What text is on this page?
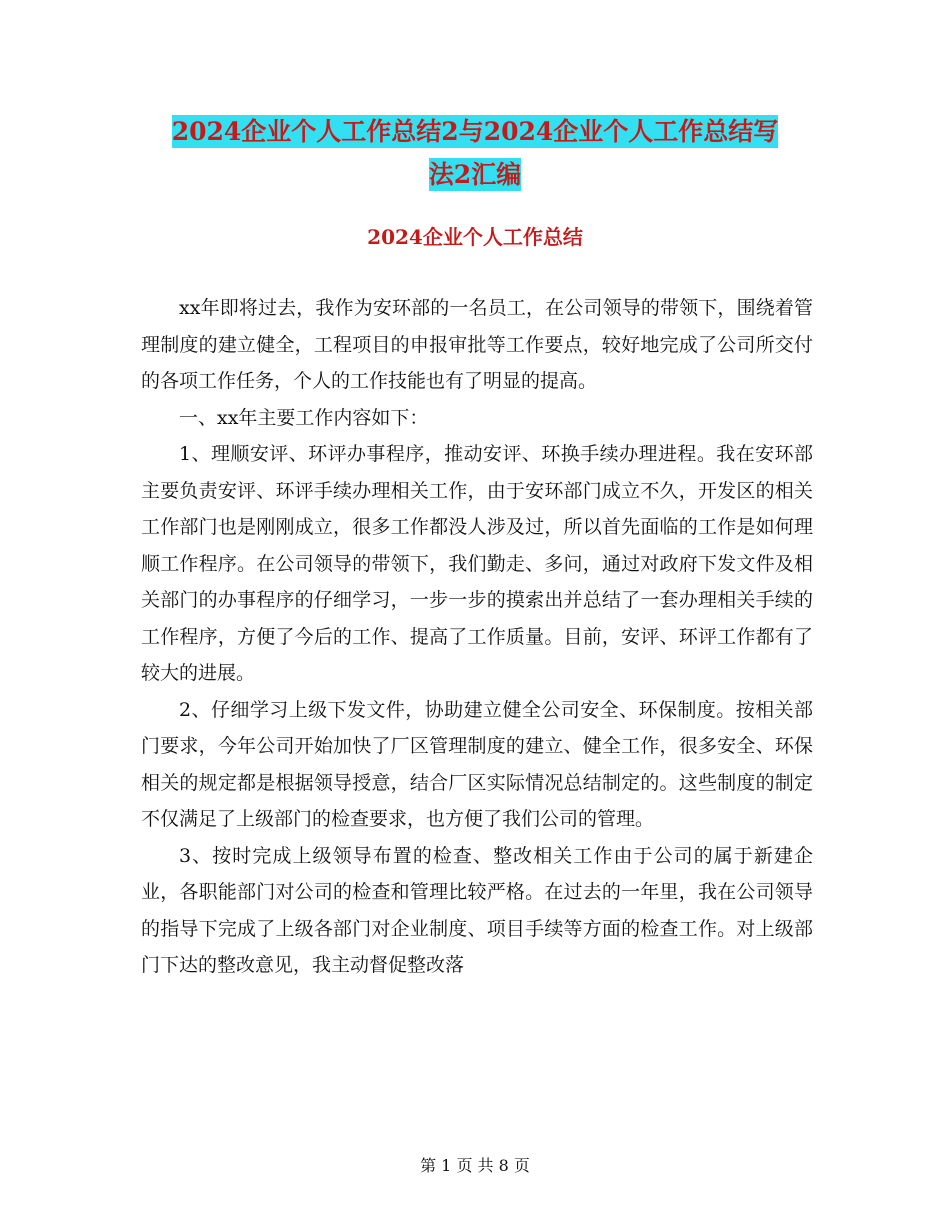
2024企业个人工作总结2与2024企业个人工作总结写
法2汇编
2024企业个人工作总结

xx年即将过去，我作为安环部的一名员工，在公司领导的带领下，围绕着管理制度的建立健全，工程项目的申报审批等工作要点，较好地完成了公司所交付的各项工作任务，个人的工作技能也有了明显的提高。

一、xx年主要工作内容如下：

1、理顺安评、环评办事程序，推动安评、环换手续办理进程。我在安环部主要负责安评、环评手续办理相关工作，由于安环部门成立不久，开发区的相关工作部门也是刚刚成立，很多工作都没人涉及过，所以首先面临的工作是如何理顺工作程序。在公司领导的带领下，我们勤走、多问，通过对政府下发文件及相关部门的办事程序的仔细学习，一步一步的摸索出并总结了一套办理相关手续的工作程序，方便了今后的工作、提高了工作质量。目前，安评、环评工作都有了较大的进展。

2、仔细学习上级下发文件，协助建立健全公司安全、环保制度。按相关部门要求，今年公司开始加快了厂区管理制度的建立、健全工作，很多安全、环保相关的规定都是根据领导授意，结合厂区实际情况总结制定的。这些制度的制定不仅满足了上级部门的检查要求，也方便了我们公司的管理。

3、按时完成上级领导布置的检查、整改相关工作由于公司的属于新建企业，各职能部门对公司的检查和管理比较严格。在过去的一年里，我在公司领导的指导下完成了上级各部门对企业制度、项目手续等方面的检查工作。对上级部门下达的整改意见，我主动督促整改落

第 1 页 共 8 页
